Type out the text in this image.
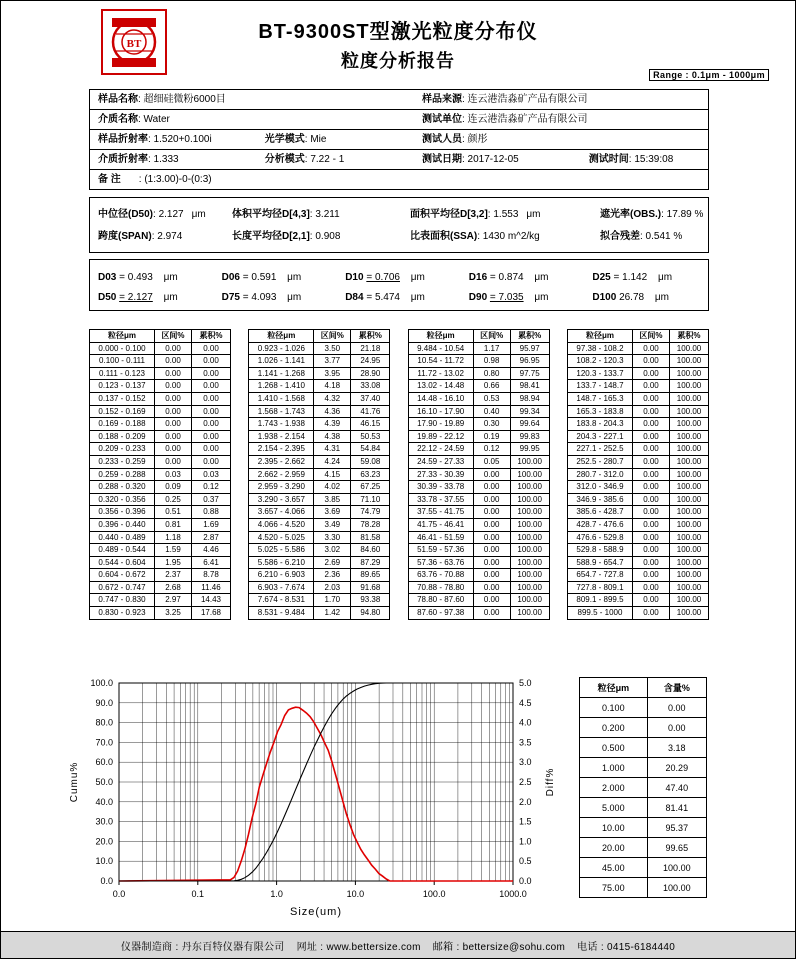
BT
BT-9300ST型激光粒度分布仪
粒度分析报告
Range : 0.1μm - 1000μm
样品名称: 超细硅微粉6000目	样品来源: 连云港浩淼矿产品有限公司
介质名称: Water	测试单位: 连云港浩淼矿产品有限公司
样品折射率: 1.520+0.100i	光学模式: Mie	测试人员: 颜彤
介质折射率: 1.333	分析模式: 7.22 - 1	测试日期: 2017-12-05	测试时间: 15:39:08
备 注 : (1:3.00)-0-(0:3)
中位径(D50): 2.127 μm	体积平均径D[4,3]: 3.211	面积平均径D[3,2]: 1.553 μm	遮光率(OBS.): 17.89 %
跨度(SPAN): 2.974	长度平均径D[2,1]: 0.908	比表面积(SSA): 1430 m^2/kg	拟合残差: 0.541 %
D03 = 0.493 μm	D06 = 0.591 μm	D10 = 0.706 μm	D16 = 0.874 μm	D25 = 1.142 μm
D50 = 2.127 μm	D75 = 4.093 μm	D84 = 5.474 μm	D90 = 7.035 μm	D100 26.78 μm
粒径μm	区间%	累积%
0.000 - 0.100	0.00	0.00
0.100 - 0.111	0.00	0.00
0.111 - 0.123	0.00	0.00
0.123 - 0.137	0.00	0.00
0.137 - 0.152	0.00	0.00
0.152 - 0.169	0.00	0.00
0.169 - 0.188	0.00	0.00
0.188 - 0.209	0.00	0.00
0.209 - 0.233	0.00	0.00
0.233 - 0.259	0.00	0.00
0.259 - 0.288	0.03	0.03
0.288 - 0.320	0.09	0.12
0.320 - 0.356	0.25	0.37
0.356 - 0.396	0.51	0.88
0.396 - 0.440	0.81	1.69
0.440 - 0.489	1.18	2.87
0.489 - 0.544	1.59	4.46
0.544 - 0.604	1.95	6.41
0.604 - 0.672	2.37	8.78
0.672 - 0.747	2.68	11.46
0.747 - 0.830	2.97	14.43
0.830 - 0.923	3.25	17.68
粒径μm	区间%	累积%
0.923 - 1.026	3.50	21.18
1.026 - 1.141	3.77	24.95
1.141 - 1.268	3.95	28.90
1.268 - 1.410	4.18	33.08
1.410 - 1.568	4.32	37.40
1.568 - 1.743	4.36	41.76
1.743 - 1.938	4.39	46.15
1.938 - 2.154	4.38	50.53
2.154 - 2.395	4.31	54.84
2.395 - 2.662	4.24	59.08
2.662 - 2.959	4.15	63.23
2.959 - 3.290	4.02	67.25
3.290 - 3.657	3.85	71.10
3.657 - 4.066	3.69	74.79
4.066 - 4.520	3.49	78.28
4.520 - 5.025	3.30	81.58
5.025 - 5.586	3.02	84.60
5.586 - 6.210	2.69	87.29
6.210 - 6.903	2.36	89.65
6.903 - 7.674	2.03	91.68
7.674 - 8.531	1.70	93.38
8.531 - 9.484	1.42	94.80
粒径μm	区间%	累积%
9.484 - 10.54	1.17	95.97
10.54 - 11.72	0.98	96.95
11.72 - 13.02	0.80	97.75
13.02 - 14.48	0.66	98.41
14.48 - 16.10	0.53	98.94
16.10 - 17.90	0.40	99.34
17.90 - 19.89	0.30	99.64
19.89 - 22.12	0.19	99.83
22.12 - 24.59	0.12	99.95
24.59 - 27.33	0.05	100.00
27.33 - 30.39	0.00	100.00
30.39 - 33.78	0.00	100.00
33.78 - 37.55	0.00	100.00
37.55 - 41.75	0.00	100.00
41.75 - 46.41	0.00	100.00
46.41 - 51.59	0.00	100.00
51.59 - 57.36	0.00	100.00
57.36 - 63.76	0.00	100.00
63.76 - 70.88	0.00	100.00
70.88 - 78.80	0.00	100.00
78.80 - 87.60	0.00	100.00
87.60 - 97.38	0.00	100.00
粒径μm	区间%	累积%
97.38 - 108.2	0.00	100.00
108.2 - 120.3	0.00	100.00
120.3 - 133.7	0.00	100.00
133.7 - 148.7	0.00	100.00
148.7 - 165.3	0.00	100.00
165.3 - 183.8	0.00	100.00
183.8 - 204.3	0.00	100.00
204.3 - 227.1	0.00	100.00
227.1 - 252.5	0.00	100.00
252.5 - 280.7	0.00	100.00
280.7 - 312.0	0.00	100.00
312.0 - 346.9	0.00	100.00
346.9 - 385.6	0.00	100.00
385.6 - 428.7	0.00	100.00
428.7 - 476.6	0.00	100.00
476.6 - 529.8	0.00	100.00
529.8 - 588.9	0.00	100.00
588.9 - 654.7	0.00	100.00
654.7 - 727.8	0.00	100.00
727.8 - 809.1	0.00	100.00
809.1 - 899.5	0.00	100.00
899.5 - 1000	0.00	100.00
0.0	0.1	1.0	10.0	100.0	1000.0
0.0
10.0
20.0
30.0
40.0
50.0
60.0
70.0
80.0
90.0
100.0
0.0
0.5
1.0
1.5
2.0
2.5
3.0
3.5
4.0
4.5
5.0
Size(um)
Cumu%	Diff%
粒径μm	含量%
0.100	0.00
0.200	0.00
0.500	3.18
1.000	20.29
2.000	47.40
5.000	81.41
10.00	95.37
20.00	99.65
45.00	100.00
75.00	100.00
仪器制造商 : 丹东百特仪器有限公司 网址 : www.bettersize.com 邮箱 : bettersize@sohu.com 电话 : 0415-6184440
